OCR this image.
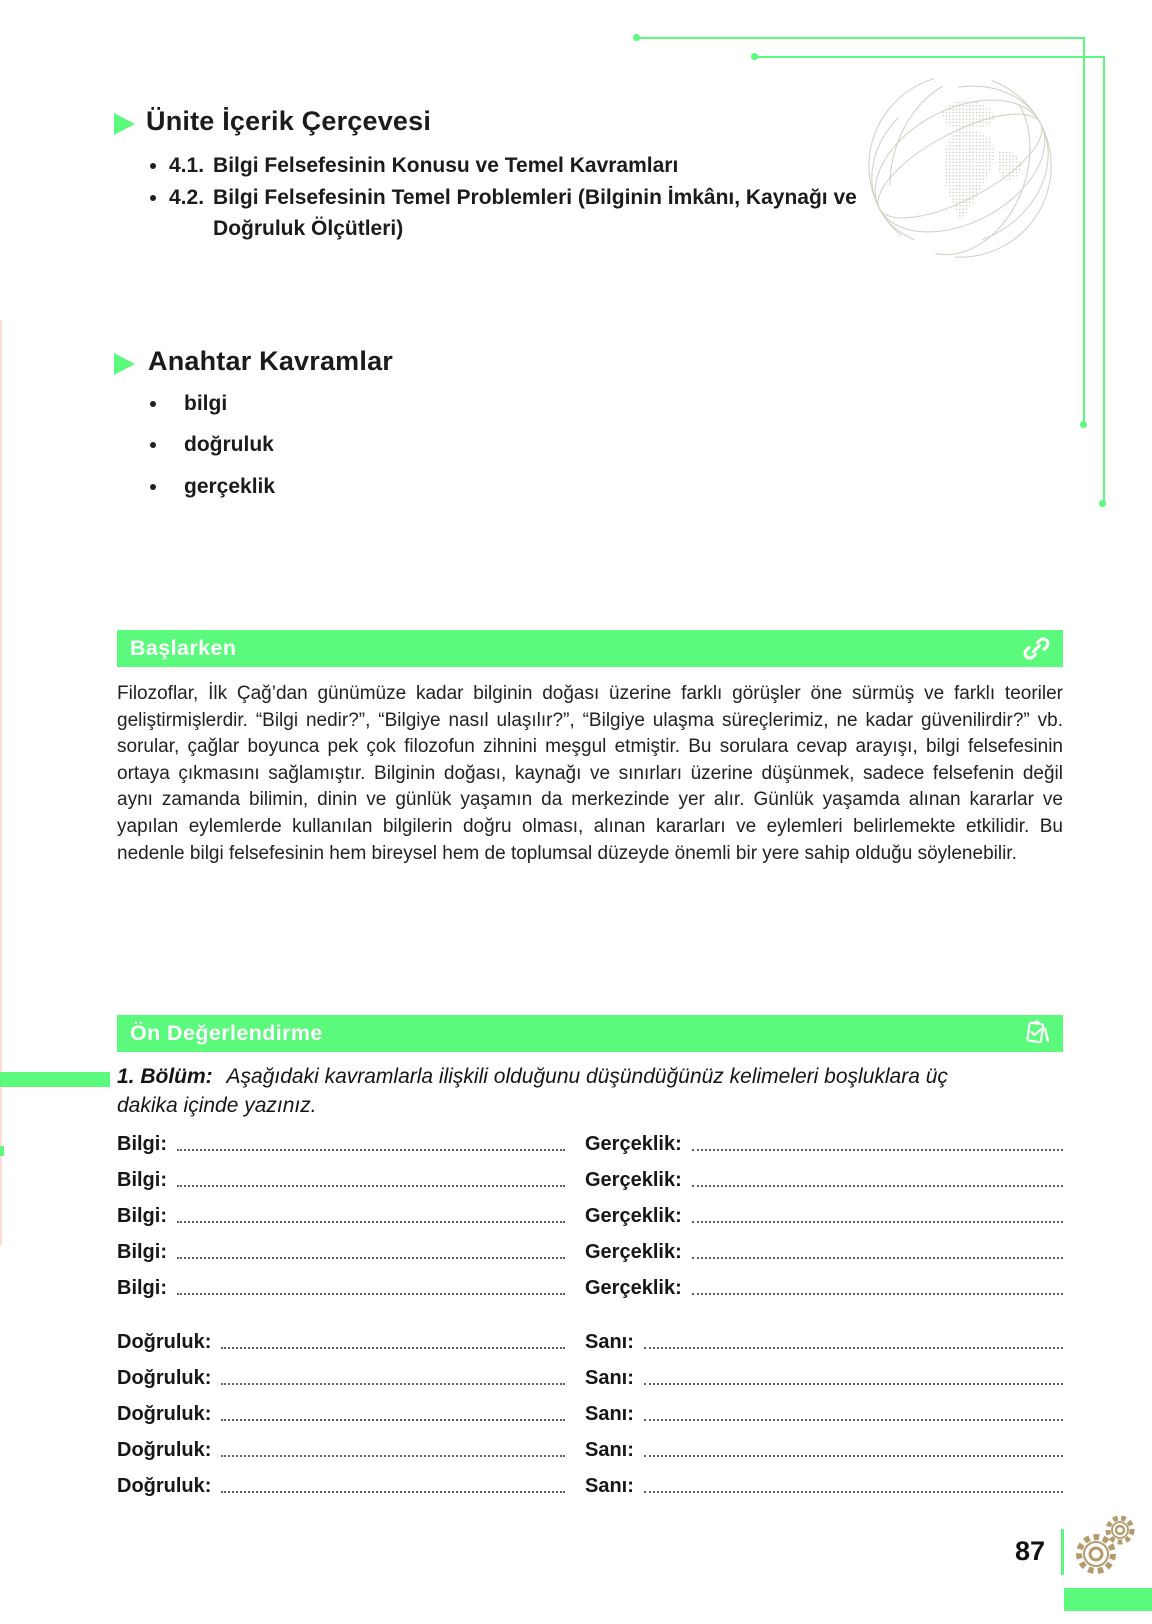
Ünite İçerik Çerçevesi
4.1. Bilgi Felsefesinin Konusu ve Temel Kavramları
4.2. Bilgi Felsefesinin Temel Problemleri (Bilginin İmkânı, Kaynağı ve Doğruluk Ölçütleri)
Anahtar Kavramlar
bilgi
doğruluk
gerçeklik
Başlarken
Filozoflar, İlk Çağ’dan günümüze kadar bilginin doğası üzerine farklı görüşler öne sürmüş ve farklı teoriler geliştirmişlerdir. “Bilgi nedir?”, “Bilgiye nasıl ulaşılır?”, “Bilgiye ulaşma süreçlerimiz, ne kadar güvenilirdir?” vb. sorular, çağlar boyunca pek çok filozofun zihnini meşgul etmiştir. Bu sorulara cevap arayışı, bilgi felsefesinin ortaya çıkmasını sağlamıştır. Bilginin doğası, kaynağı ve sınırları üzerine düşünmek, sadece felsefenin değil aynı zamanda bilimin, dinin ve günlük yaşamın da merkezinde yer alır. Günlük yaşamda alınan kararlar ve yapılan eylemlerde kullanılan bilgilerin doğru olması, alınan kararları ve eylemleri belirlemekte etkilidir. Bu nedenle bilgi felsefesinin hem bireysel hem de toplumsal düzeyde önemli bir yere sahip olduğu söylenebilir.
Ön Değerlendirme
1. Bölüm: Aşağıdaki kavramlarla ilişkili olduğunu düşündüğünüz kelimeleri boşluklara üç dakika içinde yazınız.
Bilgi:	Gerçeklik:
Bilgi:	Gerçeklik:
Bilgi:	Gerçeklik:
Bilgi:	Gerçeklik:
Bilgi:	Gerçeklik:
Doğruluk:	Sanı:
Doğruluk:	Sanı:
Doğruluk:	Sanı:
Doğruluk:	Sanı:
Doğruluk:	Sanı:
87
